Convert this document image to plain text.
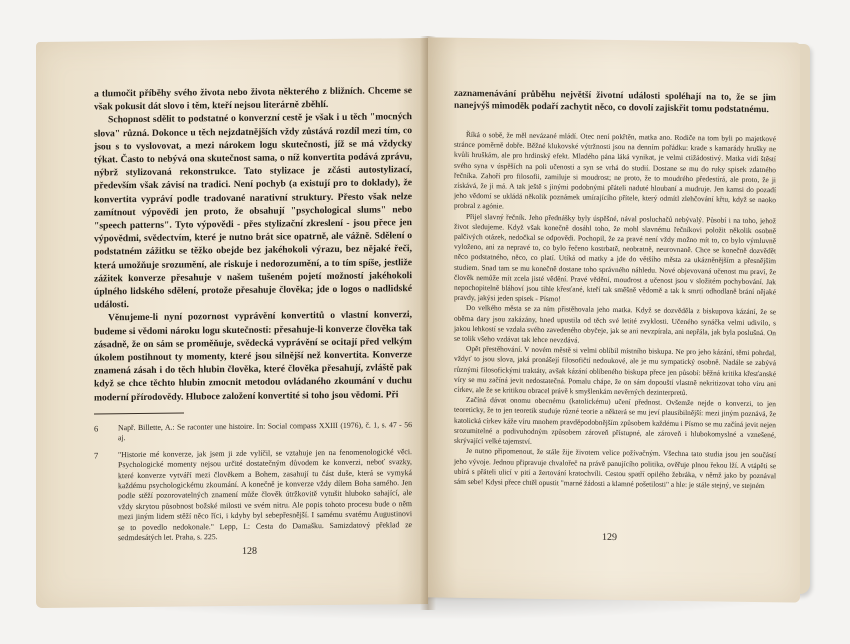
a tlumočit příběhy svého života nebo života některého z bližních. Chceme se však pokusit dát slovo i těm, kteří nejsou literárně zběhlí.

Schopnost sdělit to podstatné o konverzní cestě je však i u těch "mocných slova" různá. Dokonce u těch nejzdatnějších vždy zůstává rozdíl mezi tím, co jsou s to vyslovovat, a mezi nárokem logu skutečnosti, jíž se má vždycky týkat. Často to nebývá ona skutečnost sama, o níž konvertita podává zprávu, nýbrž stylizovaná rekonstrukce. Tato stylizace je zčásti autostylizací, především však závisí na tradici. Není pochyb (a existují pro to doklady), že konvertita vypráví podle tradované narativní struktury. Přesto však nelze zamítnout výpovědi jen proto, že obsahují "psychological slums" nebo "speech patterns". Tyto výpovědi - přes stylizační zkreslení - jsou přece jen výpovědmi, svědectvím, které je nutno brát sice opatrně, ale vážně. Sdělení o podstatném zážitku se těžko obejde bez jakéhokoli výrazu, bez nějaké řeči, která umožňuje srozumění, ale riskuje i nedorozumění, a to tím spíše, jestliže zážitek konverze přesahuje v našem tušeném pojetí možností jakéhokoli úplného lidského sdělení, protože přesahuje člověka; jde o logos o nadlidské události.

Věnujeme-li nyní pozornost vyprávění konvertitů o vlastní konverzi, budeme si vědomi nároku logu skutečnosti: přesahuje-li konverze člověka tak zásadně, že on sám se proměňuje, svědecká vyprávění se ocitají před velkým úkolem postihnout ty momenty, které jsou silnější než konvertita. Konverze znamená zásah i do těch hlubin člověka, které člověka přesahují, zvláště pak když se chce těchto hlubin zmocnit metodou ovládaného zkoumání v duchu moderní přírodovědy. Hluboce založení konvertité si toho jsou vědomi. Při

6	Např. Billette, A.: Se raconter une histoire. In: Social compass XXIII (1976), č. 1, s. 47 - 56 aj.
7	"Historie mé konverze, jak jsem ji zde vylíčil, se vztahuje jen na fenomenologické věci. Psychologické momenty nejsou určité dostatečným důvodem ke konverzi, neboť svazky, které konverze vytváří mezi člověkem a Bohem, zasahují tu část duše, která se vymyká každému psychologickému zkoumání. A konečně je konverze vždy dílem Boha samého. Jen podle stěží pozorovatelných znamení může člověk útržkovitě vytušit hluboko sahající, ale vždy skrytou působnost božské milosti ve svém nitru. Ale popis tohoto procesu bude o něm mezi jiným lidem stěží něco říci, i kdyby byl sebepřesnější. I samému svatému Augustinovi se to povedlo nedokonale." Lepp, I.: Cesta do Damašku. Samizdatový překlad ze sedmdesátých let. Praha, s. 225.
128

zaznamenávání průběhu největší životní události spoléhají na to, že se jim nanejvýš mimoděk podaří zachytit něco, co dovolí zajiskřit tomu podstatnému.

Říká o sobě, že měl nevázané mládí. Otec není pokřtěn, matka ano. Rodiče na tom byli po majetkové stránce poměrně dobře. Běžné klukovské výtržnosti jsou na denním pořádku: krade s kamarády hrušky ne kvůli hruškám, ale pro hrdinský efekt. Mladého pána láká vynikat, je velmi ctižádostivý. Matka vidí štěstí svého syna v úspěších na poli učenosti a syn se vrhá do studií. Dostane se mu do ruky spisek zdatného řečníka. Zahoří pro filosofii, zamiluje si moudrost; ne proto, že to moudrého předestírá, ale proto, že ji získává, že ji má. A tak ještě s jinými podobnými přáteli naduté hloubaní a mudruje. Jen kamsi do pozadí jeho vědomí se ukládá několik poznámek umírajícího přítele, který odmítl zlehčování křtu, když se naoko probral z agónie.

Přijel slavný řečník. Jeho přednášky byly úspěšné, nával posluchačů nebývalý. Působí i na toho, jehož život sledujeme. Když však konečně dosáhl toho, že mohl slavnému řečníkovi položit několik osobně palčivých otázek, nedočkal se odpovědi. Pochopil, že za pravé není vždy možno mít to, co bylo výmluvně vyloženo, ani za nepravé to, co bylo řečeno kostrbatě, neobratně, neurovnaně. Chce se konečně dozvědět něco podstatného, něco, co platí. Utíká od matky a jde do většího města za ukázněnějším a přesnějším studiem. Snad tam se mu konečně dostane toho správného náhledu. Nové objevovaná učenost mu praví, že člověk nemůže mít zcela jisté vědění. Pravé vědění, moudrost a učenost jsou v složitém pochybování. Jak nepochopitelně bláhoví jsou tihle křesťané, kteří tak směšně vědomě a tak k smrti odhodlaně brání nějaké pravdy, jakýsi jeden spisek - Písmo!

Do velkého města se za ním přistěhovala jeho matka. Když se dozvěděla z biskupova kázání, že se oběma dary jsou zakázány, hned upustila od těch své letité zvyklosti. Učeného synáčka velmi udivilo, s jakou lehkostí se vzdala svého zavedeného obyčeje, jak se ani nevzpírala, ani nepřála, jak byla poslušná. On se tolik všeho vzdávat tak lehce nevzdává.

Opět přestěhování. V novém městě si velmi oblíbil místního biskupa. Ne pro jeho kázání, těmi pohrdal, vždyť to jsou slova, jaká pronášejí filosofičtí nedoukové, ale je mu sympatický osobně. Nadále se zabývá různými filosofickými traktáty, avšak kázání oblíbeného biskupa přece jen působí: běžná kritika křesťanské víry se mu začíná jevit nedostatečná. Pomalu chápe, že on sám dopouští vlastně nekritizovat toho víru ani církev, ale že se kritikou obracel právě k smyšlenkám nevěrných dezinterpretů.

Začíná dávat onomu obecnému (katolickému) učení přednost. Ovšemže nejde o konverzi, to jen teoreticky, že to jen teoretik studuje různé teorie a některá se mu jeví plausibilnější: mezi jiným poznává, že katolická církev káže víru mnohem pravděpodobnějším způsobem každému i Písmo se mu začíná jevit nejen srozumitelné a podivuhodným způsobem zároveň přístupné, ale zároveň i hlubokomyslné a vznešené, skrývající velké tajemství.

Je nutno připomenout, že stále žije životem velice požívačným. Všechna tato studia jsou jen součástí jeho vývoje. Jednou připravuje chvalořeč na právě panujícího politika, ověřuje plnou řekou lží. A vtápěti se ubírá s přáteli ulicí v pití a žertování kratochvíli. Cestou spatří opilého žebráka, v němž jako by poznával sám sebe! Kdysi přece chtěl opustit "marné žádosti a klamné pošetilosti" a hle: je stále stejný, ve stejném

129
